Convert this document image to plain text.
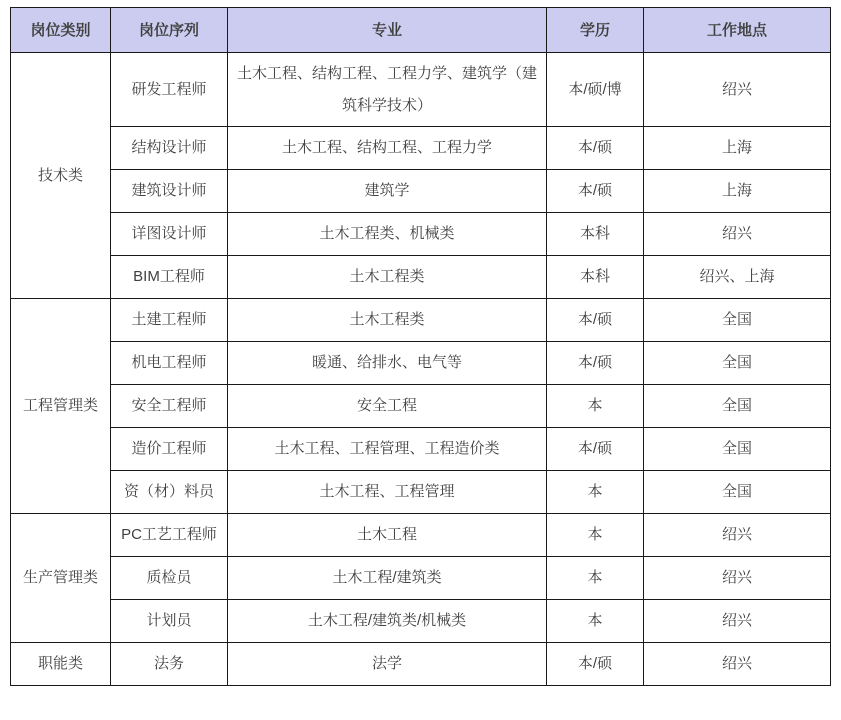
岗位类别	岗位序列	专业	学历	工作地点
技术类	研发工程师	土木工程、结构工程、工程力学、建筑学（建筑科学技术）	本/硕/博	绍兴
	结构设计师	土木工程、结构工程、工程力学	本/硕	上海
	建筑设计师	建筑学	本/硕	上海
	详图设计师	土木工程类、机械类	本科	绍兴
	BIM工程师	土木工程类	本科	绍兴、上海
工程管理类	土建工程师	土木工程类	本/硕	全国
	机电工程师	暖通、给排水、电气等	本/硕	全国
	安全工程师	安全工程	本	全国
	造价工程师	土木工程、工程管理、工程造价类	本/硕	全国
	资（材）料员	土木工程、工程管理	本	全国
生产管理类	PC工艺工程师	土木工程	本	绍兴
	质检员	土木工程/建筑类	本	绍兴
	计划员	土木工程/建筑类/机械类	本	绍兴
职能类	法务	法学	本/硕	绍兴
